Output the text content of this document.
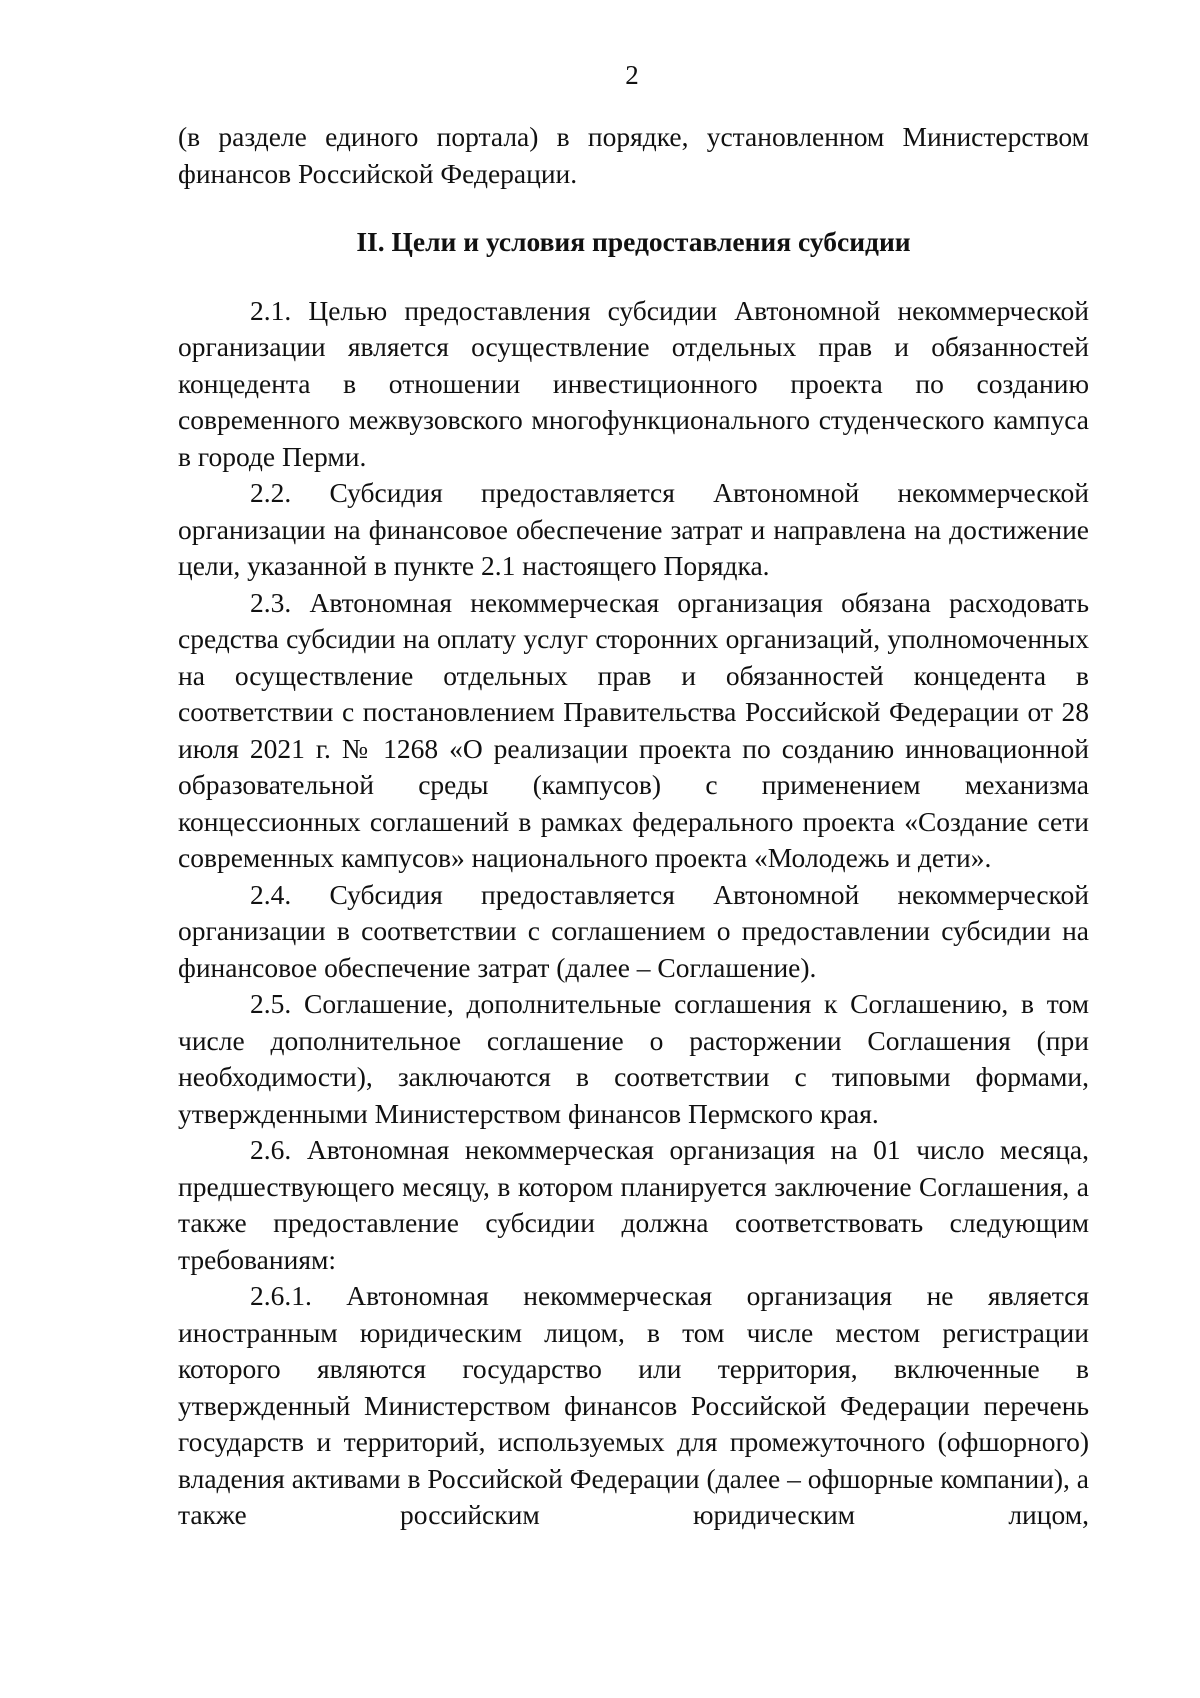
2

(в разделе единого портала) в порядке, установленном Министерством финансов Российской Федерации.

II. Цели и условия предоставления субсидии

2.1. Целью предоставления субсидии Автономной некоммерческой организации является осуществление отдельных прав и обязанностей концедента в отношении инвестиционного проекта по созданию современного межвузовского многофункционального студенческого кампуса в городе Перми.

2.2. Субсидия предоставляется Автономной некоммерческой организации на финансовое обеспечение затрат и направлена на достижение цели, указанной в пункте 2.1 настоящего Порядка.

2.3. Автономная некоммерческая организация обязана расходовать средства субсидии на оплату услуг сторонних организаций, уполномоченных на осуществление отдельных прав и обязанностей концедента в соответствии с постановлением Правительства Российской Федерации от 28 июля 2021 г. № 1268 «О реализации проекта по созданию инновационной образовательной среды (кампусов) с применением механизма концессионных соглашений в рамках федерального проекта «Создание сети современных кампусов» национального проекта «Молодежь и дети».

2.4. Субсидия предоставляется Автономной некоммерческой организации в соответствии с соглашением о предоставлении субсидии на финансовое обеспечение затрат (далее – Соглашение).

2.5. Соглашение, дополнительные соглашения к Соглашению, в том числе дополнительное соглашение о расторжении Соглашения (при необходимости), заключаются в соответствии с типовыми формами, утвержденными Министерством финансов Пермского края.

2.6. Автономная некоммерческая организация на 01 число месяца, предшествующего месяцу, в котором планируется заключение Соглашения, а также предоставление субсидии должна соответствовать следующим требованиям:

2.6.1. Автономная некоммерческая организация не является иностранным юридическим лицом, в том числе местом регистрации которого являются государство или территория, включенные в утвержденный Министерством финансов Российской Федерации перечень государств и территорий, используемых для промежуточного (офшорного) владения активами в Российской Федерации (далее – офшорные компании), а также российским юридическим лицом,
